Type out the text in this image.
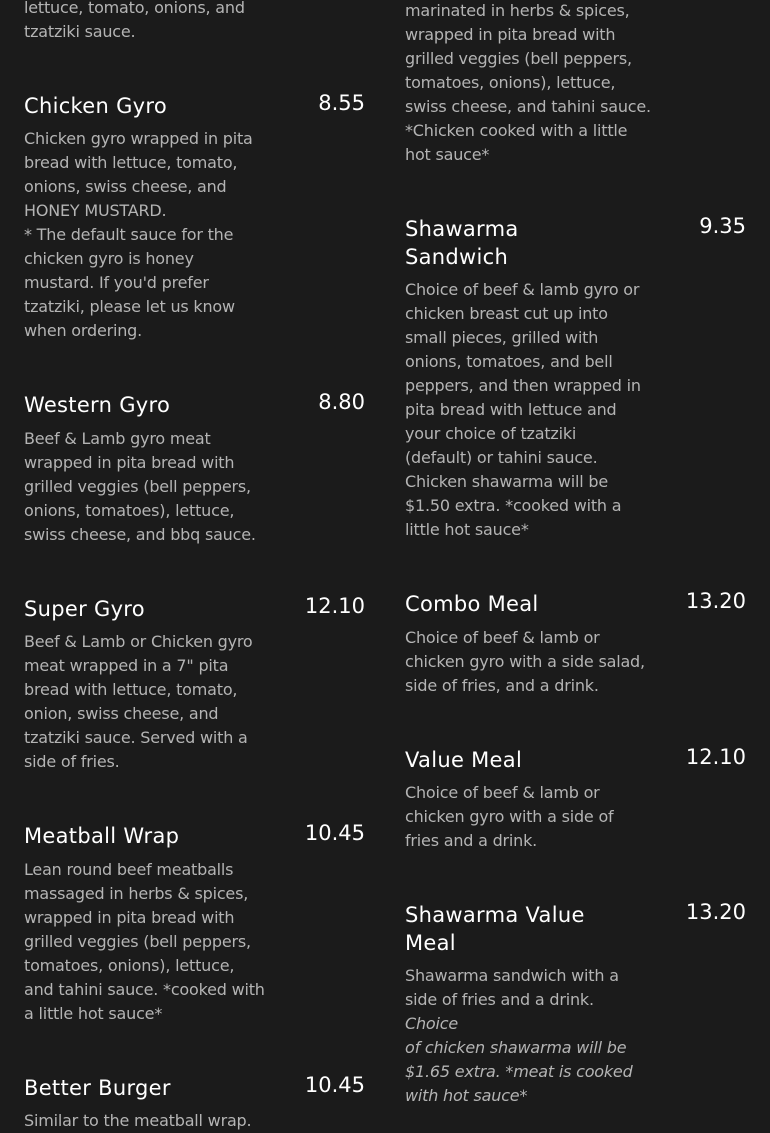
lettuce, tomato, onions, and
tzatziki sauce.

Chicken Gyro	8.55

Chicken gyro wrapped in pita
bread with lettuce, tomato,
onions, swiss cheese, and
HONEY MUSTARD.
* The default sauce for the
chicken gyro is honey
mustard. If you'd prefer
tzatziki, please let us know
when ordering.

Western Gyro	8.80

Beef & Lamb gyro meat
wrapped in pita bread with
grilled veggies (bell peppers,
onions, tomatoes), lettuce,
swiss cheese, and bbq sauce.

Super Gyro	12.10

Beef & Lamb or Chicken gyro
meat wrapped in a 7" pita
bread with lettuce, tomato,
onion, swiss cheese, and
tzatziki sauce. Served with a
side of fries.

Meatball Wrap	10.45

Lean round beef meatballs
massaged in herbs & spices,
wrapped in pita bread with
grilled veggies (bell peppers,
tomatoes, onions), lettuce,
and tahini sauce. *cooked with
a little hot sauce*

Better Burger	10.45

Similar to the meatball wrap.

marinated in herbs & spices,
wrapped in pita bread with
grilled veggies (bell peppers,
tomatoes, onions), lettuce,
swiss cheese, and tahini sauce.
*Chicken cooked with a little
hot sauce*

Shawarma
Sandwich
9.35

Choice of beef & lamb gyro or
chicken breast cut up into
small pieces, grilled with
onions, tomatoes, and bell
peppers, and then wrapped in
pita bread with lettuce and
your choice of tzatziki
(default) or tahini sauce.
Chicken shawarma will be
$1.50 extra. *cooked with a
little hot sauce*

Combo Meal	13.20

Choice of beef & lamb or
chicken gyro with a side salad,
side of fries, and a drink.

Value Meal	12.10

Choice of beef & lamb or
chicken gyro with a side of
fries and a drink.

Shawarma Value
Meal
13.20

Shawarma sandwich with a
side of fries and a drink. Choice
of chicken shawarma will be
$1.65 extra. *meat is cooked
with hot sauce*
